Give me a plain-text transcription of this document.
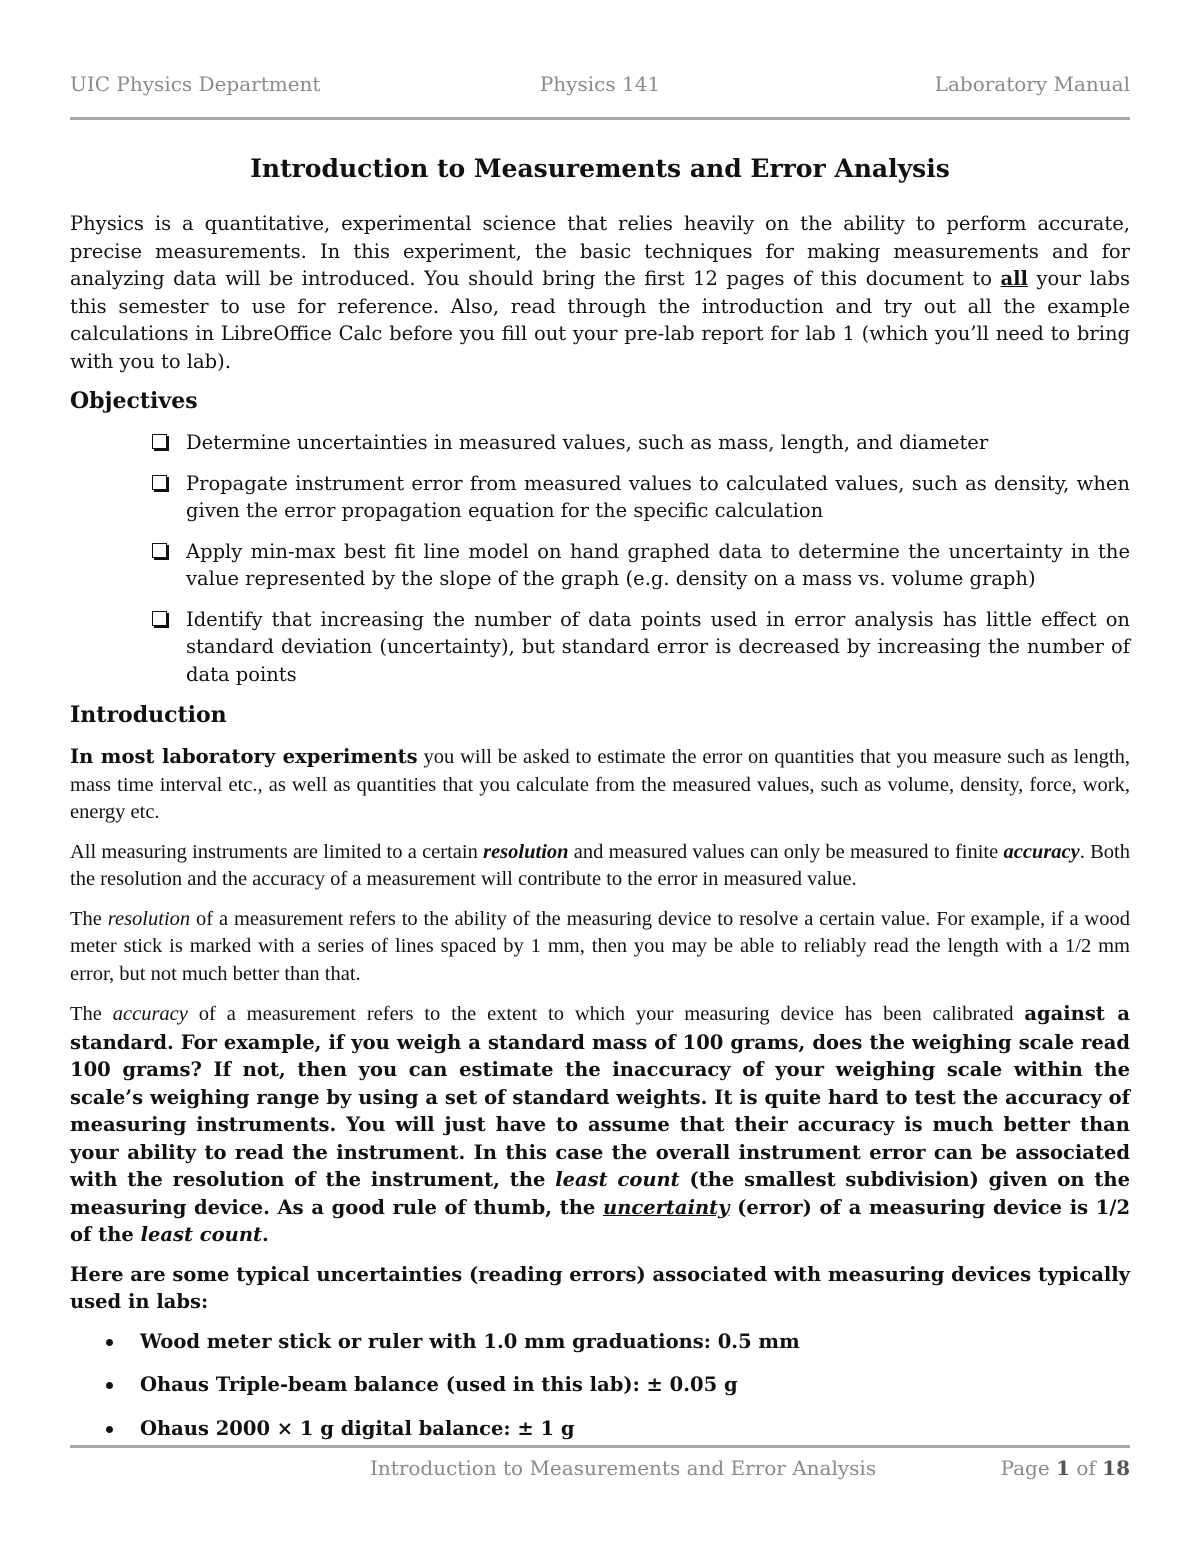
UIC Physics Department	Physics 141	Laboratory Manual
Introduction to Measurements and Error Analysis

Physics is a quantitative, experimental science that relies heavily on the ability to perform accurate, precise measurements. In this experiment, the basic techniques for making measurements and for analyzing data will be introduced. You should bring the first 12 pages of this document to all your labs this semester to use for reference. Also, read through the introduction and try out all the example calculations in LibreOffice Calc before you fill out your pre-lab report for lab 1 (which you’ll need to bring with you to lab).

Objectives
Determine uncertainties in measured values, such as mass, length, and diameter
Propagate instrument error from measured values to calculated values, such as density, when given the error propagation equation for the specific calculation
Apply min-max best fit line model on hand graphed data to determine the uncertainty in the value represented by the slope of the graph (e.g. density on a mass vs. volume graph)
Identify that increasing the number of data points used in error analysis has little effect on standard deviation (uncertainty), but standard error is decreased by increasing the number of data points
Introduction

In most laboratory experiments you will be asked to estimate the error on quantities that you measure such as length, mass time interval etc., as well as quantities that you calculate from the measured values, such as volume, density, force, work, energy etc.

All measuring instruments are limited to a certain resolution and measured values can only be measured to finite accuracy. Both the resolution and the accuracy of a measurement will contribute to the error in measured value.

The resolution of a measurement refers to the ability of the measuring device to resolve a certain value. For example, if a wood meter stick is marked with a series of lines spaced by 1 mm, then you may be able to reliably read the length with a 1/2 mm error, but not much better than that.

The accuracy of a measurement refers to the extent to which your measuring device has been calibrated against a standard. For example, if you weigh a standard mass of 100 grams, does the weighing scale read 100 grams? If not, then you can estimate the inaccuracy of your weighing scale within the scale’s weighing range by using a set of standard weights. It is quite hard to test the accuracy of measuring instruments. You will just have to assume that their accuracy is much better than your ability to read the instrument. In this case the overall instrument error can be associated with the resolution of the instrument, the least count (the smallest subdivision) given on the measuring device. As a good rule of thumb, the uncertainty (error) of a measuring device is 1/2 of the least count.

Here are some typical uncertainties (reading errors) associated with measuring devices typically used in labs:

Wood meter stick or ruler with 1.0 mm graduations: 0.5 mm
Ohaus Triple-beam balance (used in this lab): ± 0.05 g
Ohaus 2000 × 1 g digital balance: ± 1 g
Introduction to Measurements and Error Analysis	Page 1 of 18
